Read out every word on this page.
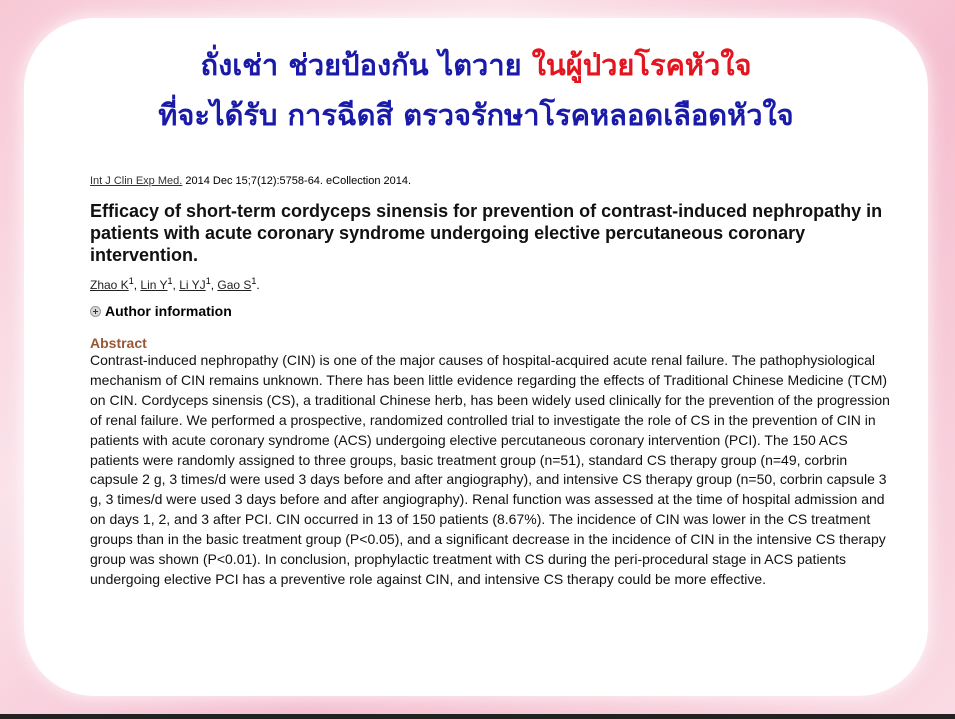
ถั่งเช่า ช่วยป้องกัน ไตวาย ในผู้ป่วยโรคหัวใจ
ที่จะได้รับ การฉีดสี ตรวจรักษาโรคหลอดเลือดหัวใจ

Int J Clin Exp Med. 2014 Dec 15;7(12):5758-64. eCollection 2014.

Efficacy of short-term cordyceps sinensis for prevention of contrast-induced nephropathy in patients with acute coronary syndrome undergoing elective percutaneous coronary intervention.

Zhao $K^1$, Lin $Y^1$, Li $YJ^1$, Gao $S^1$.

Author information
Abstract

Contrast-induced nephropathy (CIN) is one of the major causes of hospital-acquired acute renal failure. The pathophysiological mechanism of CIN remains unknown. There has been little evidence regarding the effects of Traditional Chinese Medicine (TCM) on CIN. Cordyceps sinensis (CS), a traditional Chinese herb, has been widely used clinically for the prevention of the progression of renal failure. We performed a prospective, randomized controlled trial to investigate the role of CS in the prevention of CIN in patients with acute coronary syndrome (ACS) undergoing elective percutaneous coronary intervention (PCI). The 150 ACS patients were randomly assigned to three groups, basic treatment group (n=51), standard CS therapy group (n=49, corbrin capsule 2 g, 3 times/d were used 3 days before and after angiography), and intensive CS therapy group (n=50, corbrin capsule 3 g, 3 times/d were used 3 days before and after angiography). Renal function was assessed at the time of hospital admission and on days 1, 2, and 3 after PCI. CIN occurred in 13 of 150 patients (8.67%). The incidence of CIN was lower in the CS treatment groups than in the basic treatment group (P<0.05), and a significant decrease in the incidence of CIN in the intensive CS therapy group was shown (P<0.01). In conclusion, prophylactic treatment with CS during the peri-procedural stage in ACS patients undergoing elective PCI has a preventive role against CIN, and intensive CS therapy could be more effective.
